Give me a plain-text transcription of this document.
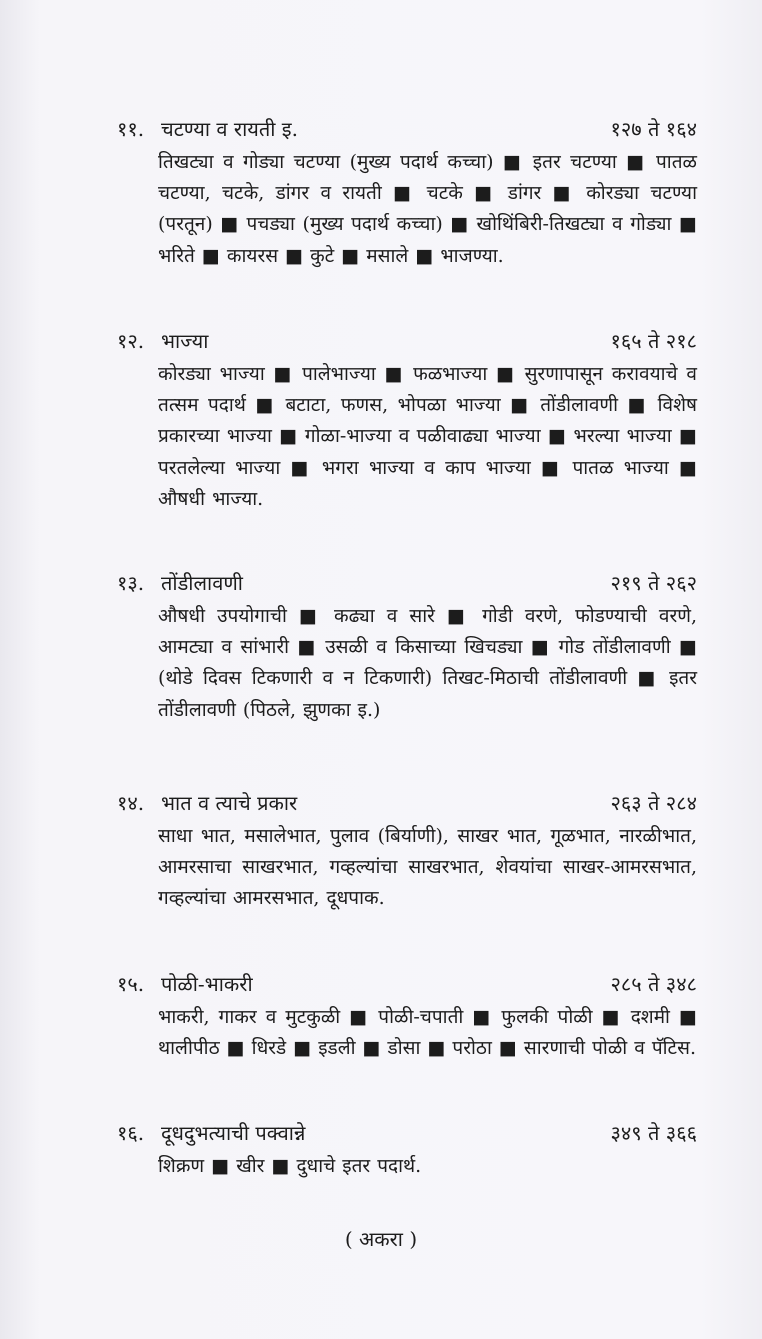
११. चटण्या व रायती इ.	१२७ ते १६४
तिखट्या व गोड्या चटण्या (मुख्य पदार्थ कच्चा) ■ इतर चटण्या ■ पातळ चटण्या, चटके, डांगर व रायती ■ चटके ■ डांगर ■ कोरड्या चटण्या (परतून) ■ पचड्या (मुख्य पदार्थ कच्चा) ■ खोथिंबिरी-तिखट्या व गोड्या ■ भरिते ■ कायरस ■ कुटे ■ मसाले ■ भाजण्या.
१२. भाज्या	१६५ ते २१८
कोरड्या भाज्या ■ पालेभाज्या ■ फळभाज्या ■ सुरणापासून करावयाचे व तत्सम पदार्थ ■ बटाटा, फणस, भोपळा भाज्या ■ तोंडीलावणी ■ विशेष प्रकारच्या भाज्या ■ गोळा-भाज्या व पळीवाढ्या भाज्या ■ भरल्या भाज्या ■ परतलेल्या भाज्या ■ भगरा भाज्या व काप भाज्या ■ पातळ भाज्या ■ औषधी भाज्या.
१३. तोंडीलावणी	२१९ ते २६२
औषधी उपयोगाची ■ कढ्या व सारे ■ गोडी वरणे, फोडण्याची वरणे, आमट्या व सांभारी ■ उसळी व किसाच्या खिचड्या ■ गोड तोंडीलावणी ■ (थोडे दिवस टिकणारी व न टिकणारी) तिखट-मिठाची तोंडीलावणी ■ इतर तोंडीलावणी (पिठले, झुणका इ.)
१४. भात व त्याचे प्रकार	२६३ ते २८४
साधा भात, मसालेभात, पुलाव (बिर्याणी), साखर भात, गूळभात, नारळीभात, आमरसाचा साखरभात, गव्हल्यांचा साखरभात, शेवयांचा साखर-आमरसभात, गव्हल्यांचा आमरसभात, दूधपाक.
१५. पोळी-भाकरी	२८५ ते ३४८
भाकरी, गाकर व मुटकुळी ■ पोळी-चपाती ■ फुलकी पोळी ■ दशमी ■ थालीपीठ ■ धिरडे ■ इडली ■ डोसा ■ परोठा ■ सारणाची पोळी व पॅटिस.
१६. दूधदुभत्याची पक्वान्ने	३४९ ते ३६६
शिक्रण ■ खीर ■ दुधाचे इतर पदार्थ.
( अकरा )
